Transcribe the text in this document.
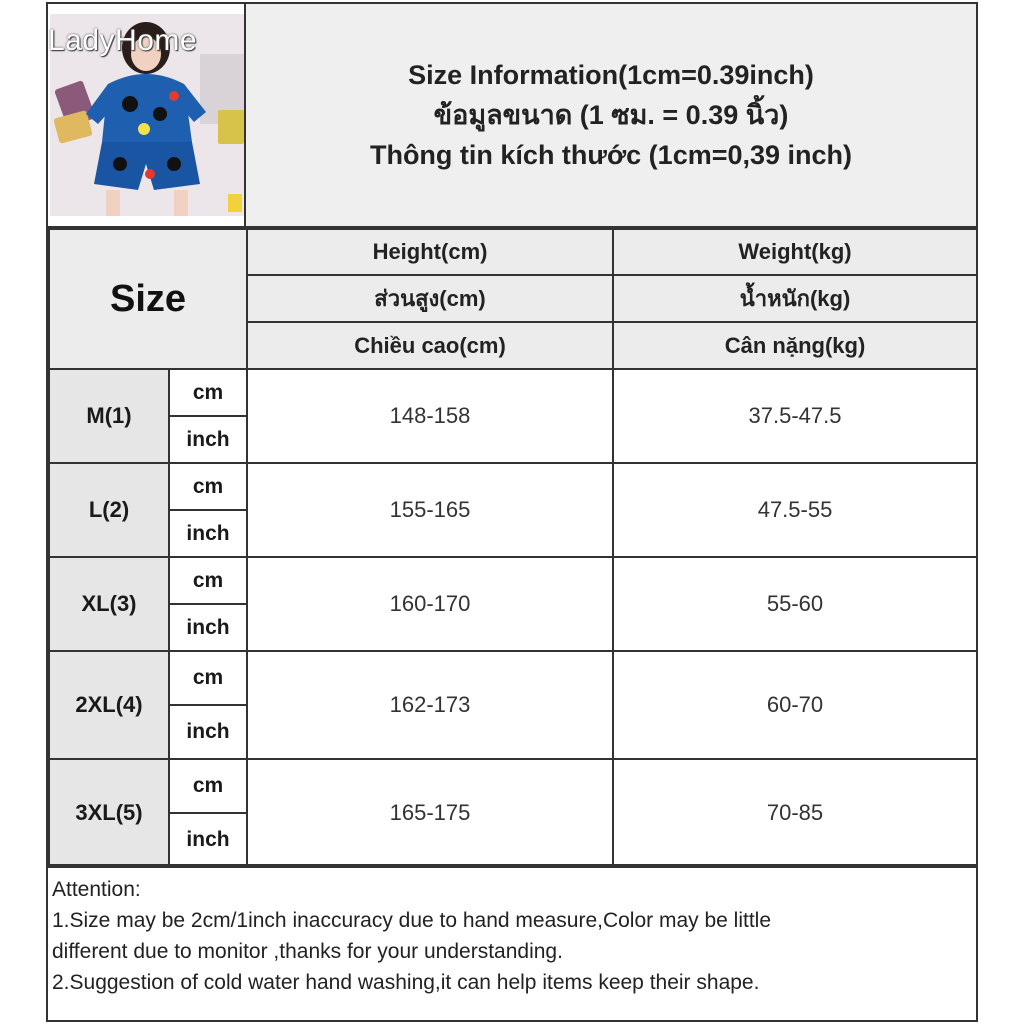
LadyHome
Size Information(1cm=0.39inch)
ข้อมูลขนาด (1 ซม. = 0.39 นิ้ว)
Thông tin kích thước (1cm=0,39 inch)
Size		Height(cm)	Weight(kg)
		ส่วนสูง(cm)	น้ำหนัก(kg)
		Chiều cao(cm)	Cân nặng(kg)
M(1)	cm	148-158	37.5-47.5
	inch		
L(2)	cm	155-165	47.5-55
	inch		
XL(3)	cm	160-170	55-60
	inch		
2XL(4)	cm	162-173	60-70
	inch		
3XL(5)	cm	165-175	70-85
	inch		
Attention:
1.Size may be 2cm/1inch inaccuracy due to hand measure,Color may be little
different due to monitor ,thanks for your understanding.
2.Suggestion of cold water hand washing,it can help items keep their shape.
